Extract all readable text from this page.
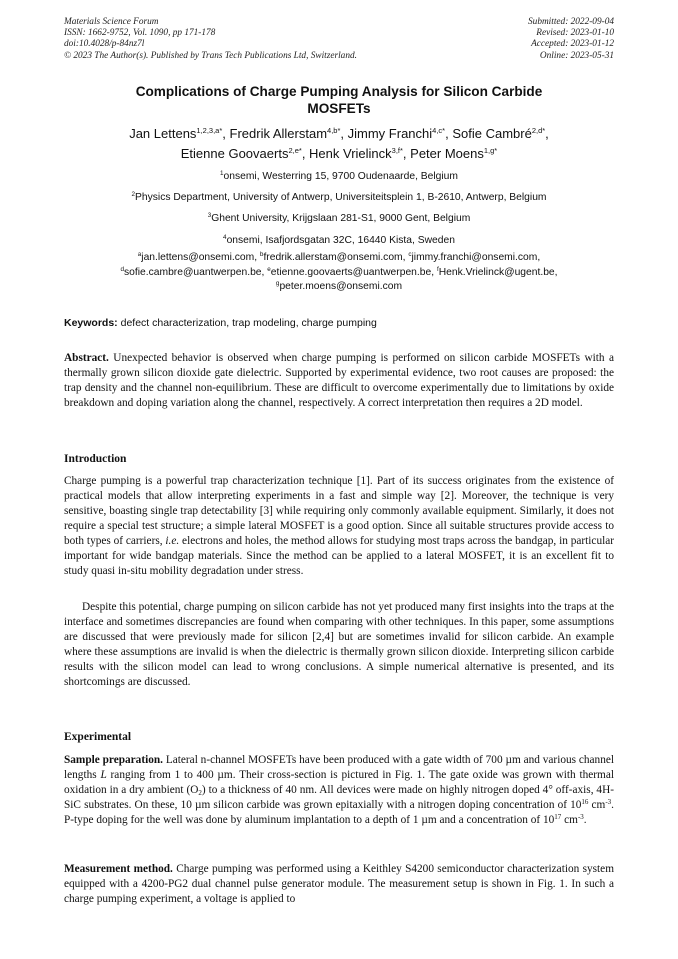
Materials Science Forum
ISSN: 1662-9752, Vol. 1090, pp 171-178
doi:10.4028/p-84nz7l
© 2023 The Author(s). Published by Trans Tech Publications Ltd, Switzerland.
Submitted: 2022-09-04
Revised: 2023-01-10
Accepted: 2023-01-12
Online: 2023-05-31
Complications of Charge Pumping Analysis for Silicon Carbide
MOSFETs
Jan Lettens$^{1,2,3,a*}$, Fredrik Allerstam$^{4,b*}$, Jimmy Franchi$^{4,c*}$, Sofie Cambré$^{2,d*}$,
Etienne Goovaerts$^{2,e*}$, Henk Vrielinck$^{3,f*}$, Peter Moens$^{1,g*}$
$^1$onsemi, Westerring 15, 9700 Oudenaarde, Belgium
$^2$Physics Department, University of Antwerp, Universiteitsplein 1, B-2610, Antwerp, Belgium
$^3$Ghent University, Krijgslaan 281-S1, 9000 Gent, Belgium
$^4$onsemi, Isafjordsgatan 32C, 16440 Kista, Sweden
$^a$jan.lettens@onsemi.com, $^b$fredrik.allerstam@onsemi.com, $^c$jimmy.franchi@onsemi.com,
$^d$sofie.cambre@uantwerpen.be, $^e$etienne.goovaerts@uantwerpen.be, $^f$Henk.Vrielinck@ugent.be,
$^g$peter.moens@onsemi.com
Keywords: defect characterization, trap modeling, charge pumping

Abstract. Unexpected behavior is observed when charge pumping is performed on silicon carbide MOSFETs with a thermally grown silicon dioxide gate dielectric. Supported by experimental evidence, two root causes are proposed: the trap density and the channel non-equilibrium. These are difficult to overcome experimentally due to limitations by oxide breakdown and doping variation along the channel, respectively. A correct interpretation then requires a 2D model.

Introduction

Charge pumping is a powerful trap characterization technique [1]. Part of its success originates from the existence of practical models that allow interpreting experiments in a fast and simple way [2]. Moreover, the technique is very sensitive, boasting single trap detectability [3] while requiring only commonly available equipment. Similarly, it does not require a special test structure; a simple lateral MOSFET is a good option. Since all suitable structures provide access to both types of carriers, i.e. electrons and holes, the method allows for studying most traps across the bandgap, in particular important for wide bandgap materials. Since the method can be applied to a lateral MOSFET, it is an excellent fit to study quasi in-situ mobility degradation under stress.

Despite this potential, charge pumping on silicon carbide has not yet produced many first insights into the traps at the interface and sometimes discrepancies are found when comparing with other techniques. In this paper, some assumptions are discussed that were previously made for silicon [2,4] but are sometimes invalid for silicon carbide. An example where these assumptions are invalid is when the dielectric is thermally grown silicon dioxide. Interpreting silicon carbide results with the silicon model can lead to wrong conclusions. A simple numerical alternative is presented, and its shortcomings are discussed.

Experimental

Sample preparation. Lateral n-channel MOSFETs have been produced with a gate width of 700 µm and various channel lengths L ranging from 1 to 400 µm. Their cross-section is pictured in Fig. 1. The gate oxide was grown with thermal oxidation in a dry ambient $(O_2)$ to a thickness of 40 nm. All devices were made on highly nitrogen doped 4° off-axis, 4H-SiC substrates. On these, 10 µm silicon carbide was grown epitaxially with a nitrogen doping concentration of $10^{16}$ $cm^{-3}$. P-type doping for the well was done by aluminum implantation to a depth of 1 µm and a concentration of $10^{17}$ $cm^{-3}$.

Measurement method. Charge pumping was performed using a Keithley S4200 semiconductor characterization system equipped with a 4200-PG2 dual channel pulse generator module. The measurement setup is shown in Fig. 1. In such a charge pumping experiment, a voltage is applied to
